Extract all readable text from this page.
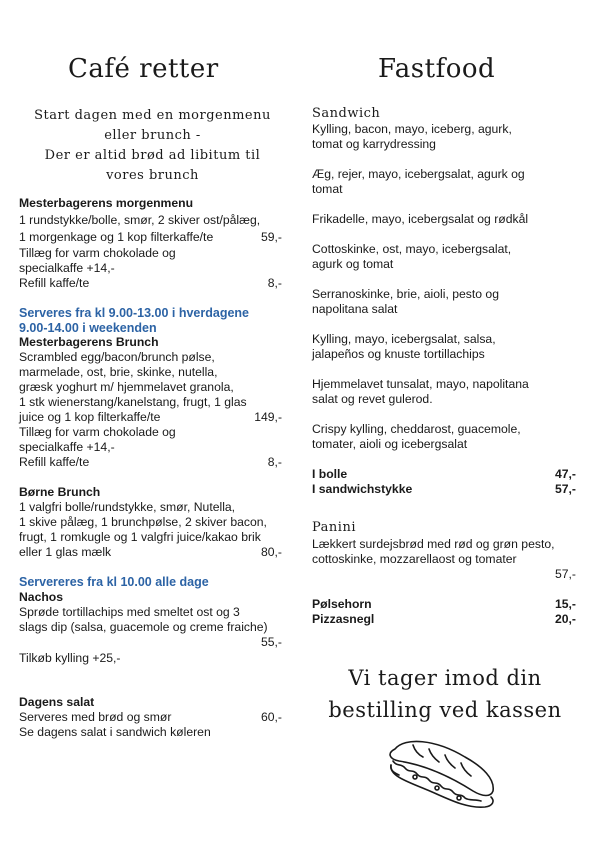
Café retter
Start dagen med en morgenmenu
eller brunch -
Der er altid brød ad libitum til
vores brunch
Mesterbagerens morgenmenu
1 rundstykke/bolle, smør, 2 skiver ost/pålæg,
1 morgenkage og 1 kop filterkaffe/te	59,-
Tillæg for varm chokolade og
specialkaffe +14,-
Refill kaffe/te	8,-
Serveres fra kl 9.00-13.00 i hverdagene
9.00-14.00 i weekenden
Mesterbagerens Brunch
Scrambled egg/bacon/brunch pølse,
marmelade, ost, brie, skinke, nutella,
græsk yoghurt m/ hjemmelavet granola,
1 stk wienerstang/kanelstang, frugt, 1 glas
juice og 1 kop filterkaffe/te	149,-
Tillæg for varm chokolade og
specialkaffe +14,-
Refill kaffe/te	8,-
Børne Brunch
1 valgfri bolle/rundstykke, smør, Nutella,
1 skive pålæg, 1 brunchpølse, 2 skiver bacon,
frugt, 1 romkugle og 1 valgfri juice/kakao brik
eller 1 glas mælk	80,-
Servereres fra kl 10.00 alle dage
Nachos
Sprøde tortillachips med smeltet ost og 3
slags dip (salsa, guacemole og creme fraiche)
55,-
Tilkøb kylling +25,-
Dagens salat
Serveres med brød og smør	60,-
Se dagens salat i sandwich køleren
Fastfood
Sandwich
Kylling, bacon, mayo, iceberg, agurk,
tomat og karrydressing
Æg, rejer, mayo, icebergsalat, agurk og
tomat
Frikadelle, mayo, icebergsalat og rødkål
Cottoskinke, ost, mayo, icebergsalat,
agurk og tomat
Serranoskinke, brie, aioli, pesto og
napolitana salat
Kylling, mayo, icebergsalat, salsa,
jalapeños og knuste tortillachips
Hjemmelavet tunsalat, mayo, napolitana
salat og revet gulerod.
Crispy kylling, cheddarost, guacemole,
tomater, aioli og icebergsalat
I bolle	47,-
I sandwichstykke	57,-
Panini
Lækkert surdejsbrød med rød og grøn pesto,
cottoskinke, mozzarellaost og tomater
57,-
Pølsehorn	15,-
Pizzasnegl	20,-
Vi tager imod din
bestilling ved kassen
